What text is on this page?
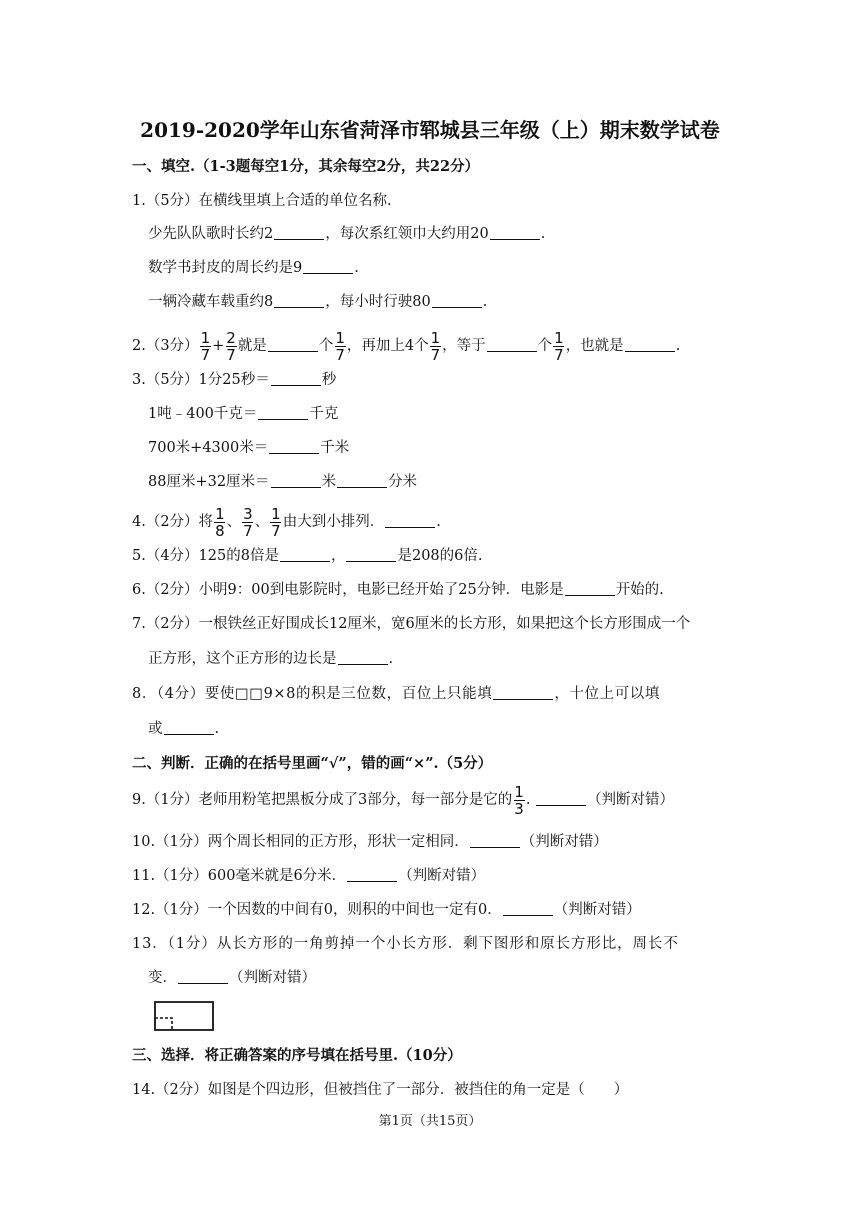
2019-2020学年山东省菏泽市郓城县三年级（上）期末数学试卷
一、填空.（1-3题每空1分，其余每空2分，共22分）
1.（5分）在横线里填上合适的单位名称.
少先队队歌时长约2	，每次系红领巾大约用20	.
数学书封皮的周长约是9	.
一辆冷藏车载重约8	，每小时行驶80	.
2.（3分） $\frac{1}{7} + \frac{2}{7}$ 就是	个 $\frac{1}{7}$ ，再加上4个 $\frac{1}{7}$ ，等于	个 $\frac{1}{7}$ ，也就是	.
3.（5分）1分25秒＝	秒
1吨﹣400千克＝	千克
700米+4300米＝	千米
88厘米+32厘米＝	米	分米
4.（2分）将 $\frac{1}{8}$ 、 $\frac{3}{7}$ 、 $\frac{1}{7}$ 由大到小排列．	.
5.（4分）125的8倍是	，	是208的6倍.
6.（2分）小明9：00到电影院时，电影已经开始了25分钟．电影是	开始的.
7.（2分）一根铁丝正好围成长12厘米，宽6厘米的长方形，如果把这个长方形围成一个
正方形，这个正方形的边长是	.
8．（4分）要使□□9×8的积是三位数，百位上只能填	，十位上可以填
或	.
二、判断．正确的在括号里画“√”，错的画“×”.（5分）
9.（1分）老师用粉笔把黑板分成了3部分，每一部分是它的 $\frac{1}{3}$ .	（判断对错）
10.（1分）两个周长相同的正方形，形状一定相同．	（判断对错）
11.（1分）600毫米就是6分米．	（判断对错）
12.（1分）一个因数的中间有0，则积的中间也一定有0．	（判断对错）
13．（1分）从长方形的一角剪掉一个小长方形．剩下图形和原长方形比，周长不
变．	（判断对错）
三、选择．将正确答案的序号填在括号里.（10分）
14.（2分）如图是个四边形，但被挡住了一部分．被挡住的角一定是（　　）
第1页（共15页）
